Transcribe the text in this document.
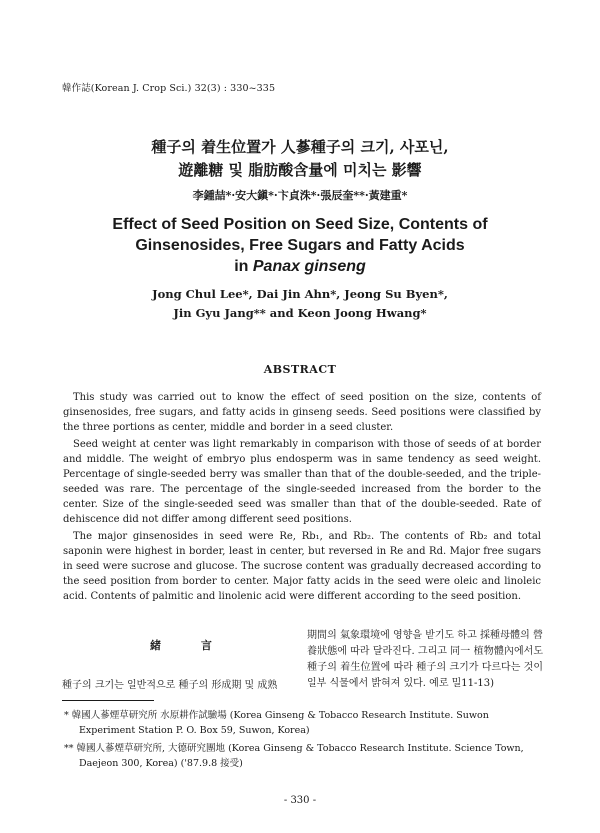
韓作誌(Korean J. Crop Sci.) 32(3) : 330~335
種子의 着生位置가 人蔘種子의 크기, 사포닌,
遊離糖 및 脂肪酸含量에 미치는 影響
李鍾喆*·安大鎭*·卞貞洙*·張辰奎**·黃建重*
Effect of Seed Position on Seed Size, Contents of
Ginsenosides, Free Sugars and Fatty Acids
in Panax ginseng
Jong Chul Lee*, Dai Jin Ahn*, Jeong Su Byen*,
Jin Gyu Jang** and Keon Joong Hwang*
ABSTRACT

This study was carried out to know the effect of seed position on the size, contents of ginsenosides, free sugars, and fatty acids in ginseng seeds. Seed positions were classified by the three portions as center, middle and border in a seed cluster.

Seed weight at center was light remarkably in comparison with those of seeds of at border and middle. The weight of embryo plus endosperm was in same tendency as seed weight. Percentage of single-seeded berry was smaller than that of the double-seeded, and the triple-seeded was rare. The percentage of the single-seeded increased from the border to the center. Size of the single-seeded seed was smaller than that of the double-seeded. Rate of dehiscence did not differ among different seed positions.

The major ginsenosides in seed were Re, Rb₁, and Rb₂. The contents of Rb₂ and total saponin were highest in border, least in center, but reversed in Re and Rd. Major free sugars in seed were sucrose and glucose. The sucrose content was gradually decreased according to the seed position from border to center. Major fatty acids in the seed were oleic and linoleic acid. Contents of palmitic and linolenic acid were different according to the seed position.

緒 言
種子의 크기는 일반적으로 種子의 形成期 및 成熟
期間의 氣象環境에 영향을 받기도 하고 採種母體의 營養狀態에 따라 달라진다. 그리고 同一 植物體內에서도 種子의 着生位置에 따라 種子의 크기가 다르다는 것이 일부 식물에서 밝혀져 있다. 예로 밀11-13)

* 韓國人蔘煙草研究所 水原耕作試驗場 (Korea Ginseng & Tobacco Research Institute. Suwon Experiment Station P. O. Box 59, Suwon, Korea)

** 韓國人蔘煙草研究所, 大德研究團地 (Korea Ginseng & Tobacco Research Institute. Science Town, Daejeon 300, Korea) ('87.9.8 接受)

- 330 -
